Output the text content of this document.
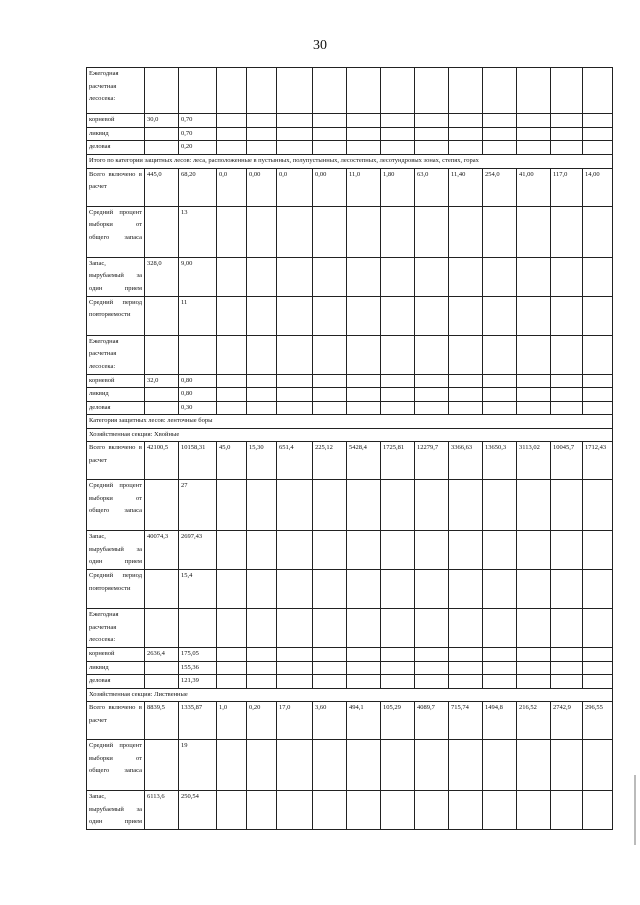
30
Ежегодная расчетная лесосека:														
корневой	30,0	0,70												
ликвид		0,70												
деловая		0,20												
Итого по категории защитных лесов: леса, расположенные в пустынных, полупустынных, лесостепных, лесотундровых зонах, степях, горах														
Всего включено в расчет	445,0	68,20	0,0	0,00	0,0	0,00	11,0	1,80	63,0	11,40	254,0	41,00	117,0	14,00
Средний процент выборки от общего запаса		13												
Запас, вырубаемый за один прием	328,0	9,00												
Средний период повторяемости		11												
Ежегодная расчетная лесосека:														
корневой	32,0	0,80												
ликвид		0,80												
деловая		0,30												
Категория защитных лесов: ленточные боры														
Хозяйственная секция: Хвойные														
Всего включено в расчет	42100,5	10158,31	45,0	15,30	651,4	225,12	5428,4	1725,81	12279,7	3366,63	13650,3	3113,02	10045,7	1712,43
Средний процент выборки от общего запаса		27												
Запас, вырубаемый за один прием	40074,3	2697,43												
Средний период повторяемости		15,4												
Ежегодная расчетная лесосека:														
корневой	2636,4	175,05												
ликвид		155,36												
деловая		121,39												
Хозяйственная секция: Лиственные														
Всего включено в расчет	8839,5	1335,87	1,0	0,20	17,0	3,60	494,1	105,29	4089,7	715,74	1494,8	216,52	2742,9	296,55
Средний процент выборки от общего запаса		19												
Запас, вырубаемый за один прием	6113,6	250,54												
